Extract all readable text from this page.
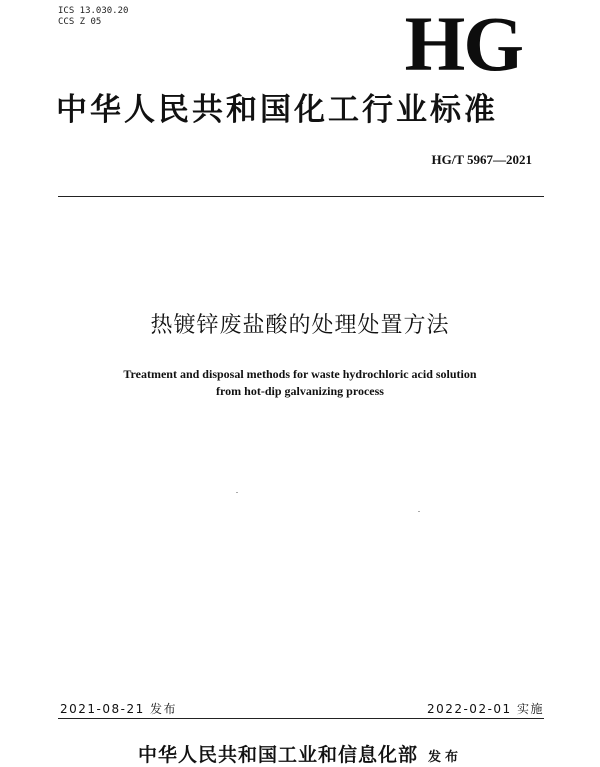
ICS 13.030.20
CCS Z 05	HG
中华人民共和国化工行业标准
HG/T 5967—2021
热镀锌废盐酸的处理处置方法
Treatment and disposal methods for waste hydrochloric acid solution
from hot-dip galvanizing process
2021-08-21 发布	2022-02-01 实施
中华人民共和国工业和信息化部 发布
